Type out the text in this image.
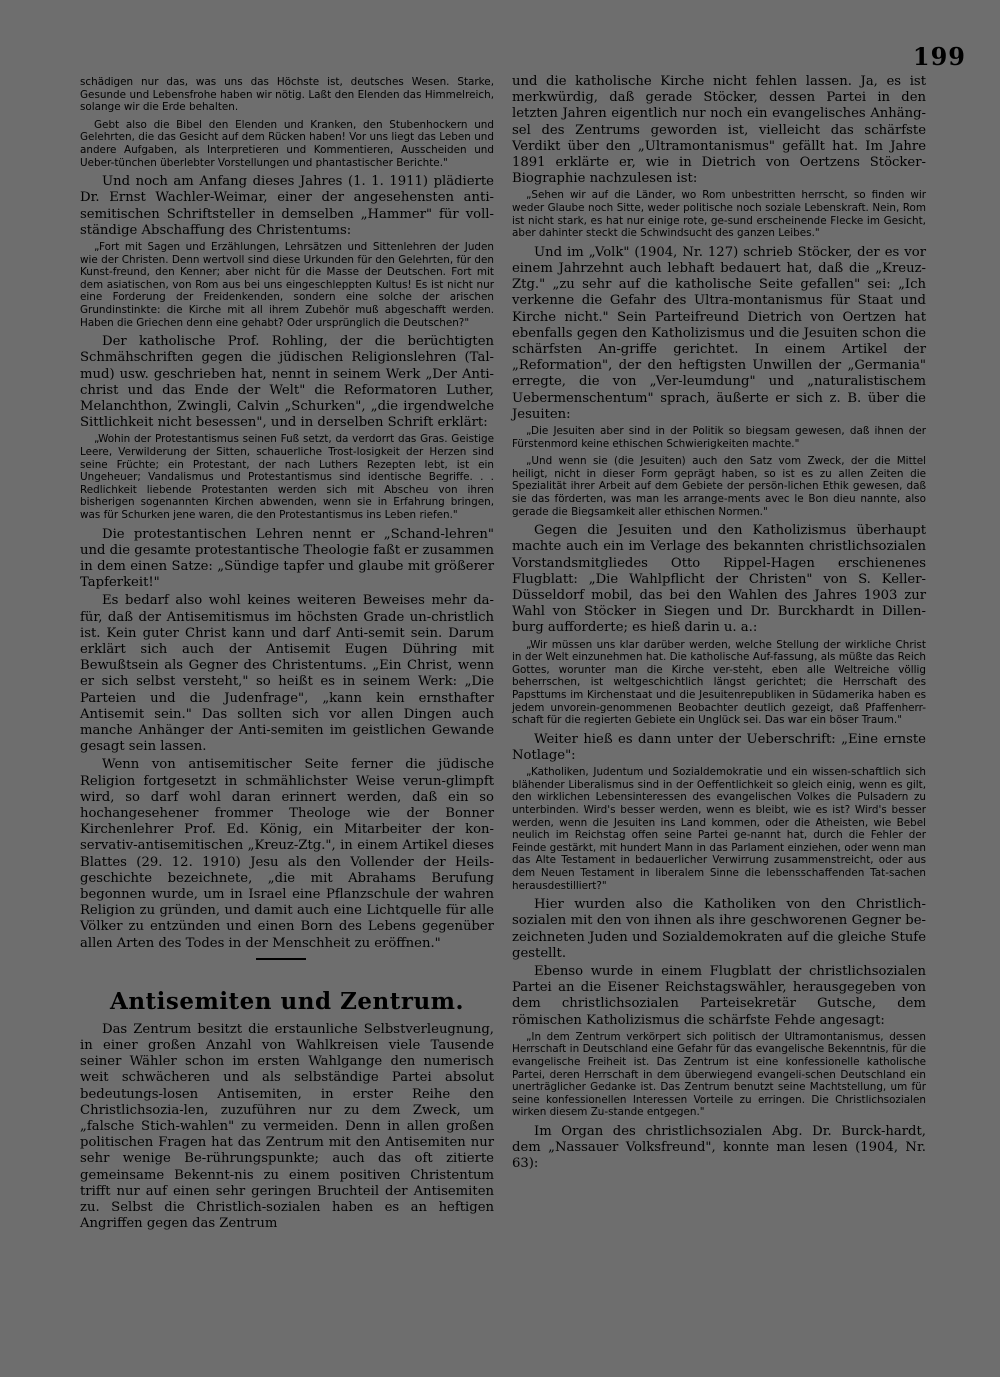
199

schädigen nur das, was uns das Höchste ist, deutsches Wesen. Starke, Gesunde und Lebensfrohe haben wir nötig. Laßt den Elenden das Himmelreich, solange wir die Erde behalten.

Gebt also die Bibel den Elenden und Kranken, den Stubenhockern und Gelehrten, die das Gesicht auf dem Rücken haben! Vor uns liegt das Leben und andere Aufgaben, als Interpretieren und Kommentieren, Ausscheiden und Ueber-tünchen überlebter Vorstellungen und phantastischer Berichte."

Und noch am Anfang dieses Jahres (1. 1. 1911) plädierte Dr. Ernst Wachler-Weimar, einer der angesehensten anti-semitischen Schriftsteller in demselben „Hammer" für voll-ständige Abschaffung des Christentums:

„Fort mit Sagen und Erzählungen, Lehrsätzen und Sittenlehren der Juden wie der Christen. Denn wertvoll sind diese Urkunden für den Gelehrten, für den Kunst-freund, den Kenner; aber nicht für die Masse der Deutschen. Fort mit dem asiatischen, von Rom aus bei uns eingeschleppten Kultus! Es ist nicht nur eine Forderung der Freidenkenden, sondern eine solche der arischen Grundinstinkte: die Kirche mit all ihrem Zubehör muß abgeschafft werden. Haben die Griechen denn eine gehabt? Oder ursprünglich die Deutschen?"

Der katholische Prof. Rohling, der die berüchtigten Schmähschriften gegen die jüdischen Religionslehren (Tal-mud) usw. geschrieben hat, nennt in seinem Werk „Der Anti-christ und das Ende der Welt" die Reformatoren Luther, Melanchthon, Zwingli, Calvin „Schurken", „die irgendwelche Sittlichkeit nicht besessen", und in derselben Schrift erklärt:

„Wohin der Protestantismus seinen Fuß setzt, da verdorrt das Gras. Geistige Leere, Verwilderung der Sitten, schauerliche Trost-losigkeit der Herzen sind seine Früchte; ein Protestant, der nach Luthers Rezepten lebt, ist ein Ungeheuer; Vandalismus und Protestantismus sind identische Begriffe. . . Redlichkeit liebende Protestanten werden sich mit Abscheu von ihren bisherigen sogenannten Kirchen abwenden, wenn sie in Erfahrung bringen, was für Schurken jene waren, die den Protestantismus ins Leben riefen."

Die protestantischen Lehren nennt er „Schand-lehren" und die gesamte protestantische Theologie faßt er zusammen in dem einen Satze: „Sündige tapfer und glaube mit größerer Tapferkeit!"

Es bedarf also wohl keines weiteren Beweises mehr da-für, daß der Antisemitismus im höchsten Grade un-christlich ist. Kein guter Christ kann und darf Anti-semit sein. Darum erklärt sich auch der Antisemit Eugen Dühring mit Bewußtsein als Gegner des Christentums. „Ein Christ, wenn er sich selbst versteht," so heißt es in seinem Werk: „Die Parteien und die Judenfrage", „kann kein ernsthafter Antisemit sein." Das sollten sich vor allen Dingen auch manche Anhänger der Anti-semiten im geistlichen Gewande gesagt sein lassen.

Wenn von antisemitischer Seite ferner die jüdische Religion fortgesetzt in schmählichster Weise verun-glimpft wird, so darf wohl daran erinnert werden, daß ein so hochangesehener frommer Theologe wie der Bonner Kirchenlehrer Prof. Ed. König, ein Mitarbeiter der kon-servativ-antisemitischen „Kreuz-Ztg.", in einem Artikel dieses Blattes (29. 12. 1910) Jesu als den Vollender der Heils-geschichte bezeichnete, „die mit Abrahams Berufung begonnen wurde, um in Israel eine Pflanzschule der wahren Religion zu gründen, und damit auch eine Lichtquelle für alle Völker zu entzünden und einen Born des Lebens gegenüber allen Arten des Todes in der Menschheit zu eröffnen."

Antisemiten und Zentrum.

Das Zentrum besitzt die erstaunliche Selbstverleugnung, in einer großen Anzahl von Wahlkreisen viele Tausende seiner Wähler schon im ersten Wahlgange den numerisch weit schwächeren und als selbständige Partei absolut bedeutungs-losen Antisemiten, in erster Reihe den Christlichsozia-len, zuzuführen nur zu dem Zweck, um „falsche Stich-wahlen" zu vermeiden. Denn in allen großen politischen Fragen hat das Zentrum mit den Antisemiten nur sehr wenige Be-rührungspunkte; auch das oft zitierte gemeinsame Bekennt-nis zu einem positiven Christentum trifft nur auf einen sehr geringen Bruchteil der Antisemiten zu. Selbst die Christlich-sozialen haben es an heftigen Angriffen gegen das Zentrum

und die katholische Kirche nicht fehlen lassen. Ja, es ist merkwürdig, daß gerade Stöcker, dessen Partei in den letzten Jahren eigentlich nur noch ein evangelisches Anhäng-sel des Zentrums geworden ist, vielleicht das schärfste Verdikt über den „Ultramontanismus" gefällt hat. Im Jahre 1891 erklärte er, wie in Dietrich von Oertzens Stöcker-Biographie nachzulesen ist:

„Sehen wir auf die Länder, wo Rom unbestritten herrscht, so finden wir weder Glaube noch Sitte, weder politische noch soziale Lebenskraft. Nein, Rom ist nicht stark, es hat nur einige rote, ge-sund erscheinende Flecke im Gesicht, aber dahinter steckt die Schwindsucht des ganzen Leibes."

Und im „Volk" (1904, Nr. 127) schrieb Stöcker, der es vor einem Jahrzehnt auch lebhaft bedauert hat, daß die „Kreuz-Ztg." „zu sehr auf die katholische Seite gefallen" sei: „Ich verkenne die Gefahr des Ultra-montanismus für Staat und Kirche nicht." Sein Parteifreund Dietrich von Oertzen hat ebenfalls gegen den Katholizismus und die Jesuiten schon die schärfsten An-griffe gerichtet. In einem Artikel der „Reformation", der den heftigsten Unwillen der „Germania" erregte, die von „Ver-leumdung" und „naturalistischem Uebermenschentum" sprach, äußerte er sich z. B. über die Jesuiten:

„Die Jesuiten aber sind in der Politik so biegsam gewesen, daß ihnen der Fürstenmord keine ethischen Schwierigkeiten machte."

„Und wenn sie (die Jesuiten) auch den Satz vom Zweck, der die Mittel heiligt, nicht in dieser Form geprägt haben, so ist es zu allen Zeiten die Spezialität ihrer Arbeit auf dem Gebiete der persön-lichen Ethik gewesen, daß sie das förderten, was man les arrange-ments avec le Bon dieu nannte, also gerade die Biegsamkeit aller ethischen Normen."

Gegen die Jesuiten und den Katholizismus überhaupt machte auch ein im Verlage des bekannten christlichsozialen Vorstandsmitgliedes Otto Rippel-Hagen erschienenes Flugblatt: „Die Wahlpflicht der Christen" von S. Keller-Düsseldorf mobil, das bei den Wahlen des Jahres 1903 zur Wahl von Stöcker in Siegen und Dr. Burckhardt in Dillen-burg aufforderte; es hieß darin u. a.:

„Wir müssen uns klar darüber werden, welche Stellung der wirkliche Christ in der Welt einzunehmen hat. Die katholische Auf-fassung, als müßte das Reich Gottes, worunter man die Kirche ver-steht, eben alle Weltreiche völlig beherrschen, ist weltgeschichtlich längst gerichtet; die Herrschaft des Papsttums im Kirchenstaat und die Jesuitenrepubliken in Südamerika haben es jedem unvorein-genommenen Beobachter deutlich gezeigt, daß Pfaffenherr-schaft für die regierten Gebiete ein Unglück sei. Das war ein böser Traum."

Weiter hieß es dann unter der Ueberschrift: „Eine ernste Notlage":

„Katholiken, Judentum und Sozialdemokratie und ein wissen-schaftlich sich blähender Liberalismus sind in der Oeffentlichkeit so gleich einig, wenn es gilt, den wirklichen Lebensinteressen des evangelischen Volkes die Pulsadern zu unterbinden. Wird's besser werden, wenn es bleibt, wie es ist? Wird's besser werden, wenn die Jesuiten ins Land kommen, oder die Atheisten, wie Bebel neulich im Reichstag offen seine Partei ge-nannt hat, durch die Fehler der Feinde gestärkt, mit hundert Mann in das Parlament einziehen, oder wenn man das Alte Testament in bedauerlicher Verwirrung zusammenstreicht, oder aus dem Neuen Testament in liberalem Sinne die lebensschaffenden Tat-sachen herausdestilliert?"

Hier wurden also die Katholiken von den Christlich-sozialen mit den von ihnen als ihre geschworenen Gegner be-zeichneten Juden und Sozialdemokraten auf die gleiche Stufe gestellt.

Ebenso wurde in einem Flugblatt der christlichsozialen Partei an die Eisener Reichstagswähler, herausgegeben von dem christlichsozialen Parteisekretär Gutsche, dem römischen Katholizismus die schärfste Fehde angesagt:

„In dem Zentrum verkörpert sich politisch der Ultramontanismus, dessen Herrschaft in Deutschland eine Gefahr für das evangelische Bekenntnis, für die evangelische Freiheit ist. Das Zentrum ist eine konfessionelle katholische Partei, deren Herrschaft in dem überwiegend evangeli-schen Deutschland ein unerträglicher Gedanke ist. Das Zentrum benutzt seine Machtstellung, um für seine konfessionellen Interessen Vorteile zu erringen. Die Christlichsozialen wirken diesem Zu-stande entgegen."

Im Organ des christlichsozialen Abg. Dr. Burck-hardt, dem „Nassauer Volksfreund", konnte man lesen (1904, Nr. 63):
